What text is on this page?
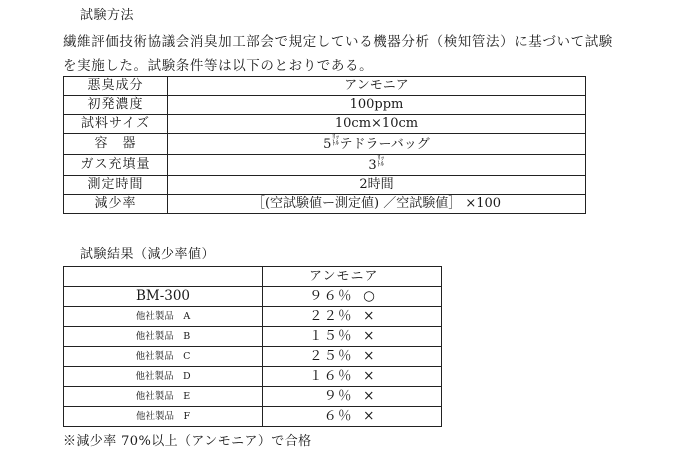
試験方法
繊維評価技術協議会消臭加工部会で規定している機器分析（検知管法）に基づいて試験
を実施した。試験条件等は以下のとおりである。
悪臭成分	アンモニア
初発濃度	100ppm
試料サイズ	10cm×10cm
容　器	5ﾘｯﾄﾙテドラーバッグ
ガス充填量	3ﾘｯﾄﾙ
測定時間	2時間
減少率	［(空試験値ー測定値) ／空試験値］ ×100
試験結果（減少率値）
	アンモニア
BM-300	９６％ ○
他社製品　A	２２％ ×
他社製品　B	１５％ ×
他社製品　C	２５％ ×
他社製品　D	１６％ ×
他社製品　E	　９％ ×
他社製品　F	　６％ ×
※減少率 70%以上（アンモニア）で合格
